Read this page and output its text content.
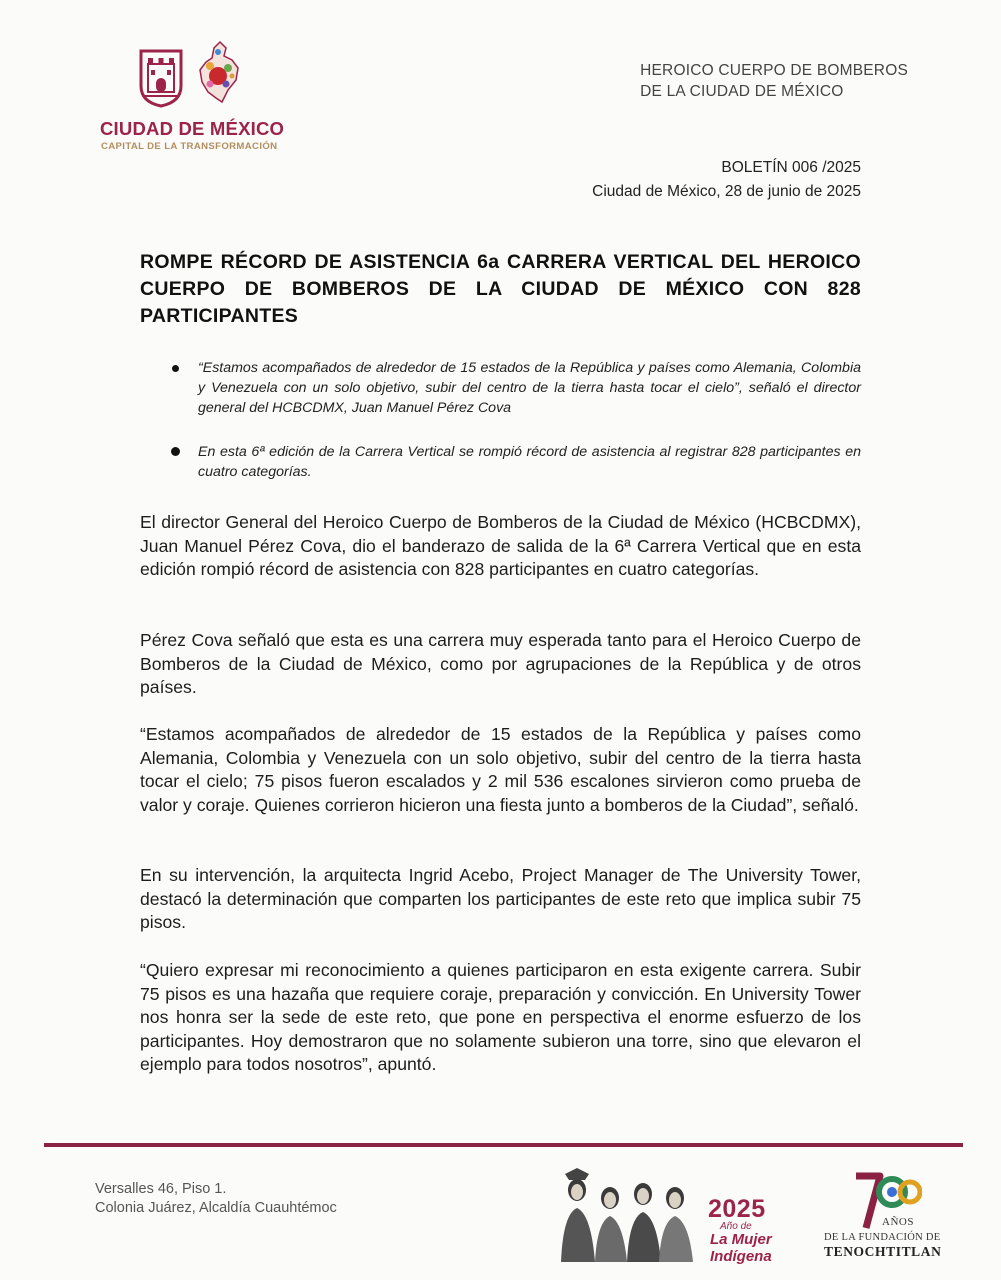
CIUDAD DE MÉXICO
CAPITAL DE LA TRANSFORMACIÓN
HEROICO CUERPO DE BOMBEROS
DE LA CIUDAD DE MÉXICO
BOLETÍN 006 /2025
Ciudad de México, 28 de junio de 2025
ROMPE RÉCORD DE ASISTENCIA 6a CARRERA VERTICAL DEL HEROICO CUERPO DE BOMBEROS DE LA CIUDAD DE MÉXICO CON 828 PARTICIPANTES
“Estamos acompañados de alrededor de 15 estados de la República y países como Alemania, Colombia y Venezuela con un solo objetivo, subir del centro de la tierra hasta tocar el cielo”, señaló el director general del HCBCDMX, Juan Manuel Pérez Cova
En esta 6ª edición de la Carrera Vertical se rompió récord de asistencia al registrar 828 participantes en cuatro categorías.
El director General del Heroico Cuerpo de Bomberos de la Ciudad de México (HCBCDMX), Juan Manuel Pérez Cova, dio el banderazo de salida de la 6ª Carrera Vertical que en esta edición rompió récord de asistencia con 828 participantes en cuatro categorías.
Pérez Cova señaló que esta es una carrera muy esperada tanto para el Heroico Cuerpo de Bomberos de la Ciudad de México, como por agrupaciones de la República y de otros países.
“Estamos acompañados de alrededor de 15 estados de la República y países como Alemania, Colombia y Venezuela con un solo objetivo, subir del centro de la tierra hasta tocar el cielo; 75 pisos fueron escalados y 2 mil 536 escalones sirvieron como prueba de valor y coraje. Quienes corrieron hicieron una fiesta junto a bomberos de la Ciudad”, señaló.
En su intervención, la arquitecta Ingrid Acebo, Project Manager de The University Tower, destacó la determinación que comparten los participantes de este reto que implica subir 75 pisos.
“Quiero expresar mi reconocimiento a quienes participaron en esta exigente carrera. Subir 75 pisos es una hazaña que requiere coraje, preparación y convicción. En University Tower nos honra ser la sede de este reto, que pone en perspectiva el enorme esfuerzo de los participantes. Hoy demostraron que no solamente subieron una torre, sino que elevaron el ejemplo para todos nosotros”, apuntó.
Versalles 46, Piso 1.
Colonia Juárez, Alcaldía Cuauhtémoc	2025
Año de
La Mujer
Indígena
AÑOS
DE LA FUNDACIÓN DE
TENOCHTITLAN
